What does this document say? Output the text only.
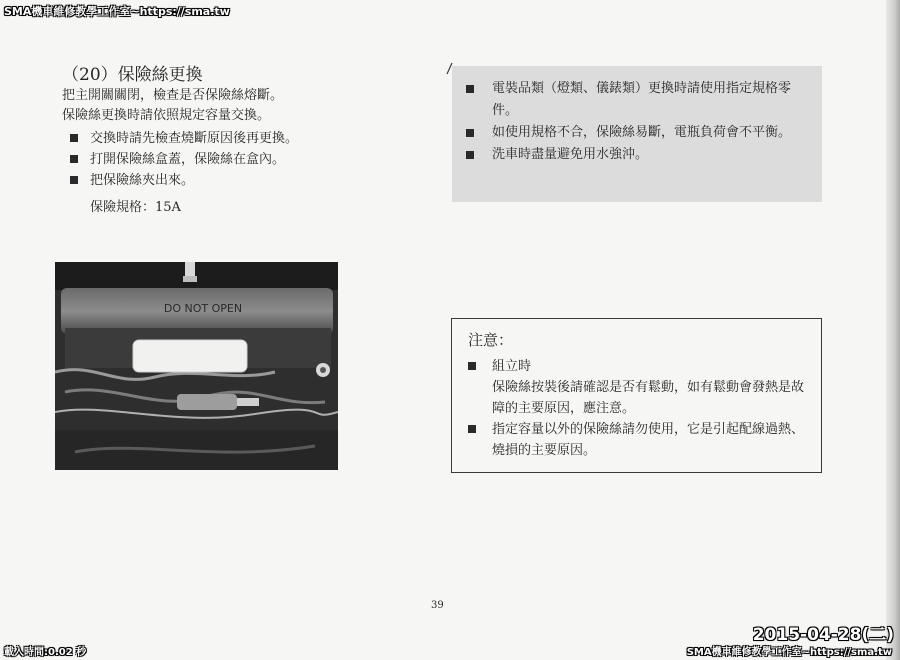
SMA機車維修教學工作室~https://sma.tw
（20）保險絲更換

把主開關關閉，檢查是否保險絲熔斷。

保險絲更換時請依照規定容量交換。

交換時請先檢查燒斷原因後再更換。
打開保險絲盒蓋，保險絲在盒內。
把保險絲夾出來。
保險規格：15A
DO NOT OPEN
電裝品類（燈類、儀錶類）更換時請使用指定規格零件。
如使用規格不合，保險絲易斷，電瓶負荷會不平衡。
洗車時盡量避免用水強沖。
注意：
組立時
保險絲按裝後請確認是否有鬆動，如有鬆動會發熱是故障的主要原因，應注意。
指定容量以外的保險絲請勿使用，它是引起配線過熱、燒損的主要原因。
39
2015-04-28(二)
SMA機車維修教學工作室~https://sma.tw
載入時間:0.02 秒
